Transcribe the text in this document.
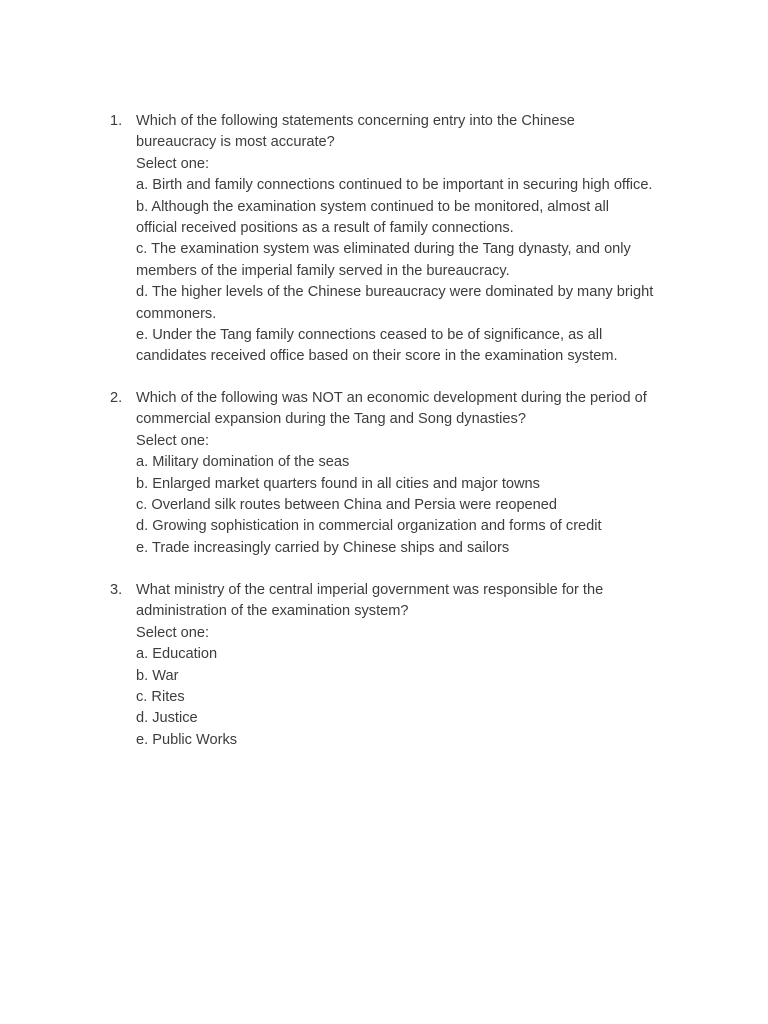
1. Which of the following statements concerning entry into the Chinese
bureaucracy is most accurate?
Select one:
a. Birth and family connections continued to be important in securing high office.
b. Although the examination system continued to be monitored, almost all
official received positions as a result of family connections.
c. The examination system was eliminated during the Tang dynasty, and only
members of the imperial family served in the bureaucracy.
d. The higher levels of the Chinese bureaucracy were dominated by many bright
commoners.
e. Under the Tang family connections ceased to be of significance, as all
candidates received office based on their score in the examination system.
2. Which of the following was NOT an economic development during the period of
commercial expansion during the Tang and Song dynasties?
Select one:
a. Military domination of the seas
b. Enlarged market quarters found in all cities and major towns
c. Overland silk routes between China and Persia were reopened
d. Growing sophistication in commercial organization and forms of credit
e. Trade increasingly carried by Chinese ships and sailors
3. What ministry of the central imperial government was responsible for the
administration of the examination system?
Select one:
a. Education
b. War
c. Rites
d. Justice
e. Public Works
